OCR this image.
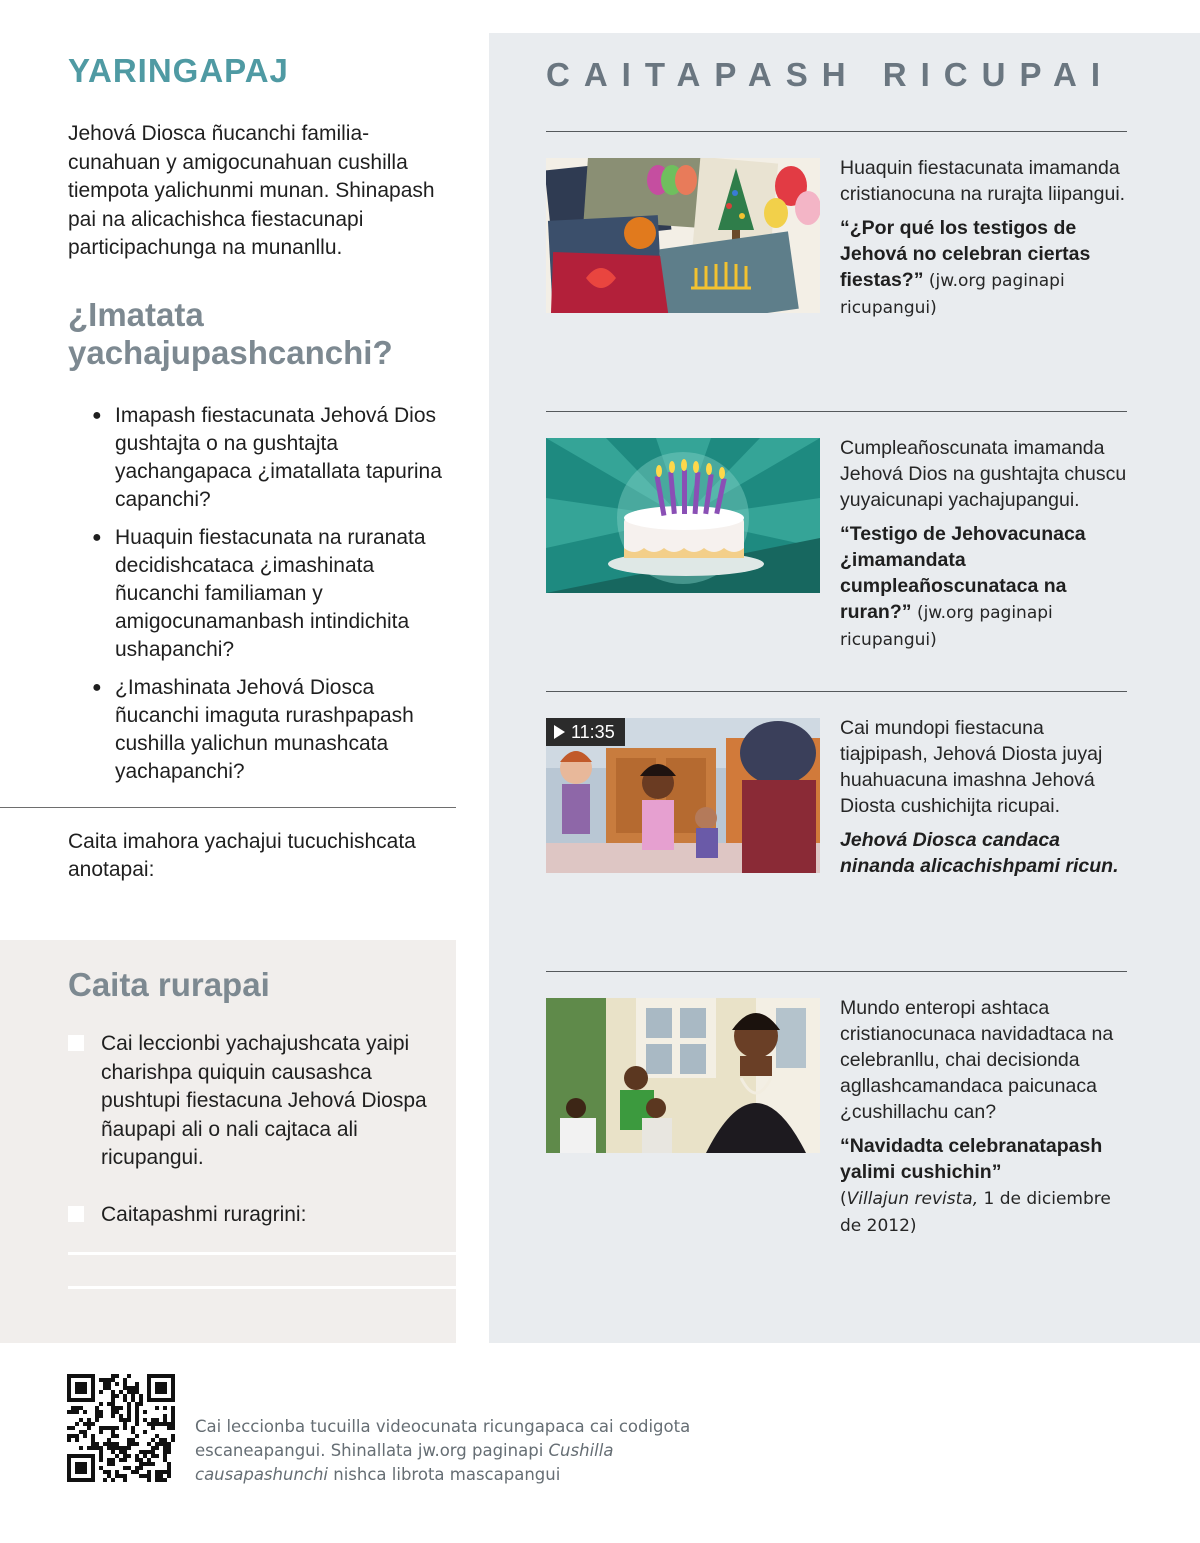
YARINGAPAJ

Jehová Diosca ñucanchi familia-cunahuan y amigocunahuan cushilla tiempota yalichunmi munan. Shinapash pai na alicachishca fiestacunapi participachunga na munanllu.

¿Imatata yachajupashcanchi?
● Imapash fiestacunata Jehová Dios gushtajta o na gushtajta yachangapaca ¿imatallata tapurina capanchi?
● Huaquin fiestacunata na ruranata decidishcataca ¿imashinata ñucanchi familiaman y amigocunamanbash intindichita ushapanchi?
● ¿Imashinata Jehová Diosca ñucanchi imaguta rurashpapash cushilla yalichun munashcata yachapanchi?

Caita imahora yachajui tucuchishcata anotapai:

Caita rurapai
Cai leccionbi yachajushcata yaipi charishpa quiquin causashca pushtupi fiestacuna Jehová Diospa ñaupapi ali o nali cajtaca ali ricupangui.
Caitapashmi ruragrini:
CAITAPASH RICUPAI

Huaquin fiestacunata imamanda cristianocuna na rurajta liipangui.

“¿Por qué los testigos de Jehová no celebran ciertas fiestas?” (jw.org paginapi ricupangui)

Cumpleañoscunata imamanda Jehová Dios na gushtajta chuscu yuyaicunapi yachajupangui.

“Testigo de Jehovacunaca ¿imamandata cumpleañoscunataca na ruran?” (jw.org paginapi ricupangui)

11:35	Cai mundopi fiestacuna tiajpipash, Jehová Diosta juyaj huahuacuna imashna Jehová Diosta cushichijta ricupai.

Jehová Diosca candaca ninanda alicachishpami ricun.

Mundo enteropi ashtaca cristianocunaca navidadtaca na celebranllu, chai decisionda agllashcamandaca paicunaca ¿cushillachu can?

“Navidadta celebranatapash yalimi cushichin”
(Villajun revista, 1 de diciembre de 2012)

Cai leccionba tucuilla videocunata ricungapaca cai codigota escaneapangui. Shinallata jw.org paginapi Cushilla causapashunchi nishca librota mascapangui
